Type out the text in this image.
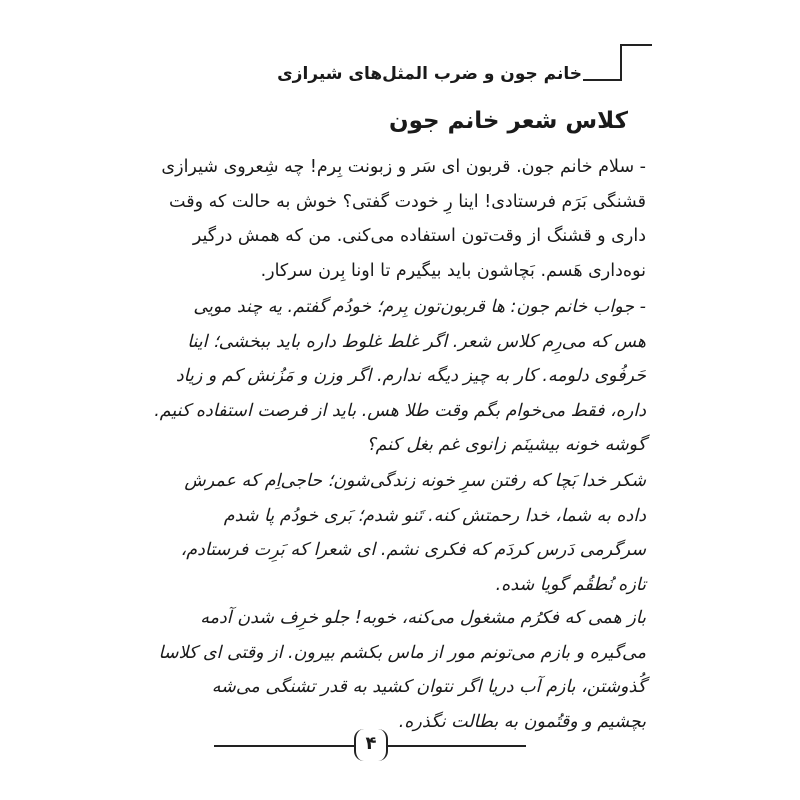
خانم جون و ضرب المثل‌های شیرازی
کلاس شعر خانم جون

- سلام خانم جون. قربون ای سَر و زبونت بِرم! چه شِعروی شیرازی
قشنگی بَرَم فرستادی! اینا رِ خودت گفتی؟ خوش به حالت که وقت
داری و قشنگ از وقت‌تون استفاده می‌کنی. من که همش درگیر
نوه‌داری هَسم. بَچاشون باید بیگیرم تا اونا بِرن سرکار.

- جواب خانم جون: ها قربون‌تون بِرم؛ خودُم گفتم. یه چند مویی
هس که می‌رِم کلاس شعر. اگر غلط غلوط داره باید ببخشی؛ اینا
حَرفُوی دلومه. کار به چیز دیگه ندارم. اگر وزن و مَزُنش کم و زیاد
داره، فقط می‌خوام بگم وقت طلا هس. باید از فرصت استفاده کنیم.
گوشه خونه بیشینَم زانوی غم بغل کنم؟

شکر خدا بَچا که رفتن سرِ خونه زندگی‌شون؛ حاجی‌اِم که عمرش
داده به شما، خدا رحمتش کنه. تَنو شدم؛ بَری خودُم پا شدم
سرگرمی دَرس کردَم که فکری نشم. ای شعرا که بَرِت فرستادم،
تازه نُطقُم گویا شده.

باز همی که فکرُم مشغول می‌کنه، خوبه! جلو خرِف شدن آدمه
می‌گیره و بازم می‌تونم مور از ماس بکشم بیرون. از وقتی ای کلاسا
گُذوشتن، بازم آب دریا اگر نتوان کشید به قدر تشنگی می‌شه
بچشیم و وقتُمون به بطالت نگذره.

۴
